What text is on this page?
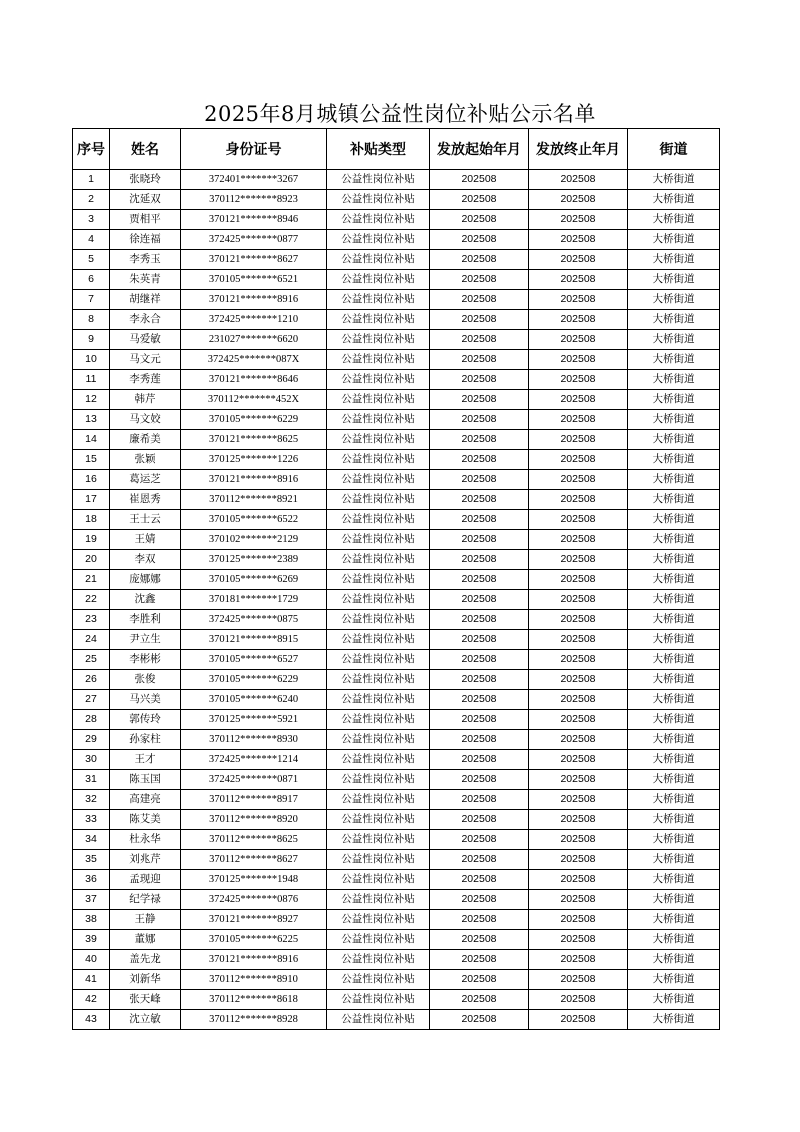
2025年8月城镇公益性岗位补贴公示名单
序号	姓名	身份证号	补贴类型	发放起始年月	发放终止年月	街道
1	张晓玲	372401*******3267	公益性岗位补贴	202508	202508	大桥街道
2	沈延双	370112*******8923	公益性岗位补贴	202508	202508	大桥街道
3	贾相平	370121*******8946	公益性岗位补贴	202508	202508	大桥街道
4	徐连福	372425*******0877	公益性岗位补贴	202508	202508	大桥街道
5	李秀玉	370121*******8627	公益性岗位补贴	202508	202508	大桥街道
6	朱英青	370105*******6521	公益性岗位补贴	202508	202508	大桥街道
7	胡继祥	370121*******8916	公益性岗位补贴	202508	202508	大桥街道
8	李永合	372425*******1210	公益性岗位补贴	202508	202508	大桥街道
9	马爱敏	231027*******6620	公益性岗位补贴	202508	202508	大桥街道
10	马文元	372425*******087X	公益性岗位补贴	202508	202508	大桥街道
11	李秀莲	370121*******8646	公益性岗位补贴	202508	202508	大桥街道
12	韩芹	370112*******452X	公益性岗位补贴	202508	202508	大桥街道
13	马文姣	370105*******6229	公益性岗位补贴	202508	202508	大桥街道
14	廉希美	370121*******8625	公益性岗位补贴	202508	202508	大桥街道
15	张颖	370125*******1226	公益性岗位补贴	202508	202508	大桥街道
16	葛运芝	370121*******8916	公益性岗位补贴	202508	202508	大桥街道
17	崔恩秀	370112*******8921	公益性岗位补贴	202508	202508	大桥街道
18	王士云	370105*******6522	公益性岗位补贴	202508	202508	大桥街道
19	王婧	370102*******2129	公益性岗位补贴	202508	202508	大桥街道
20	李双	370125*******2389	公益性岗位补贴	202508	202508	大桥街道
21	庞娜娜	370105*******6269	公益性岗位补贴	202508	202508	大桥街道
22	沈鑫	370181*******1729	公益性岗位补贴	202508	202508	大桥街道
23	李胜利	372425*******0875	公益性岗位补贴	202508	202508	大桥街道
24	尹立生	370121*******8915	公益性岗位补贴	202508	202508	大桥街道
25	李彬彬	370105*******6527	公益性岗位补贴	202508	202508	大桥街道
26	张俊	370105*******6229	公益性岗位补贴	202508	202508	大桥街道
27	马兴美	370105*******6240	公益性岗位补贴	202508	202508	大桥街道
28	郭传玲	370125*******5921	公益性岗位补贴	202508	202508	大桥街道
29	孙家柱	370112*******8930	公益性岗位补贴	202508	202508	大桥街道
30	王才	372425*******1214	公益性岗位补贴	202508	202508	大桥街道
31	陈玉国	372425*******0871	公益性岗位补贴	202508	202508	大桥街道
32	高建亮	370112*******8917	公益性岗位补贴	202508	202508	大桥街道
33	陈艾美	370112*******8920	公益性岗位补贴	202508	202508	大桥街道
34	杜永华	370112*******8625	公益性岗位补贴	202508	202508	大桥街道
35	刘兆芹	370112*******8627	公益性岗位补贴	202508	202508	大桥街道
36	孟现迎	370125*******1948	公益性岗位补贴	202508	202508	大桥街道
37	纪学禄	372425*******0876	公益性岗位补贴	202508	202508	大桥街道
38	王静	370121*******8927	公益性岗位补贴	202508	202508	大桥街道
39	董娜	370105*******6225	公益性岗位补贴	202508	202508	大桥街道
40	盖先龙	370121*******8916	公益性岗位补贴	202508	202508	大桥街道
41	刘新华	370112*******8910	公益性岗位补贴	202508	202508	大桥街道
42	张天峰	370112*******8618	公益性岗位补贴	202508	202508	大桥街道
43	沈立敏	370112*******8928	公益性岗位补贴	202508	202508	大桥街道
